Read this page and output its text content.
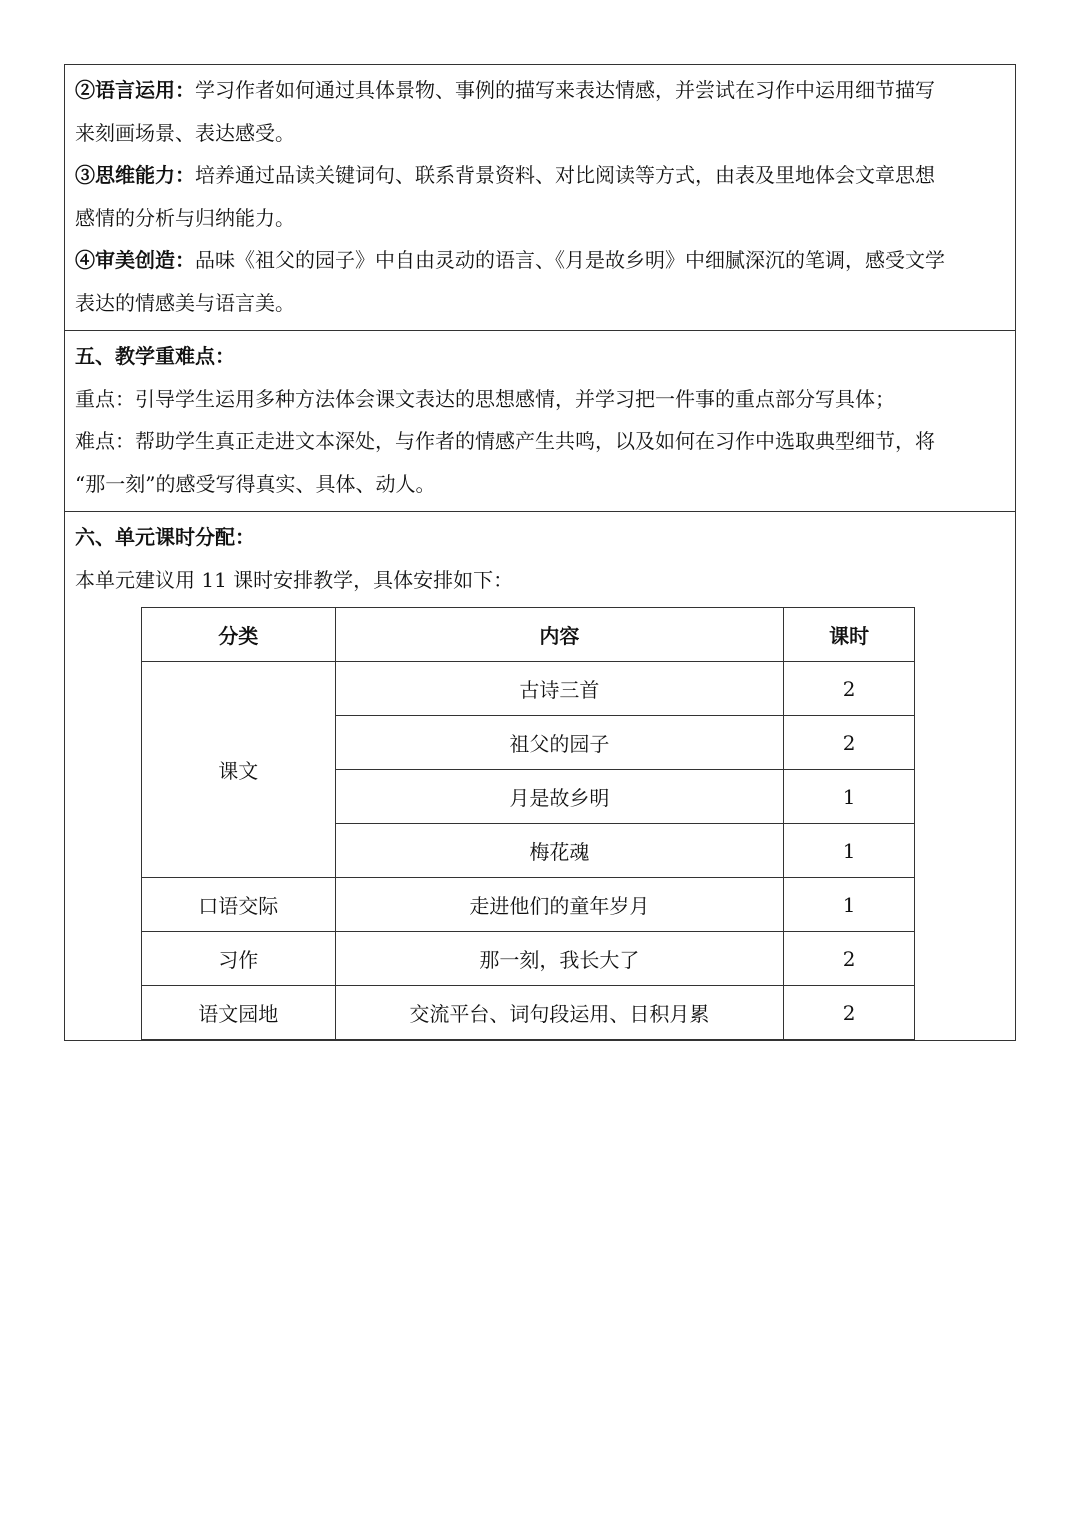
②语言运用：学习作者如何通过具体景物、事例的描写来表达情感，并尝试在习作中运用细节描写
来刻画场景、表达感受。
③思维能力：培养通过品读关键词句、联系背景资料、对比阅读等方式，由表及里地体会文章思想
感情的分析与归纳能力。
④审美创造：品味《祖父的园子》中自由灵动的语言、《月是故乡明》中细腻深沉的笔调，感受文学
表达的情感美与语言美。
五、教学重难点：
重点：引导学生运用多种方法体会课文表达的思想感情，并学习把一件事的重点部分写具体；
难点：帮助学生真正走进文本深处，与作者的情感产生共鸣，以及如何在习作中选取典型细节，将
“那一刻”的感受写得真实、具体、动人。
六、单元课时分配：
本单元建议用 11 课时安排教学，具体安排如下：
分类	内容	课时
课文	古诗三首	2
	祖父的园子	2
	月是故乡明	1
	梅花魂	1
口语交际	走进他们的童年岁月	1
习作	那一刻，我长大了	2
语文园地	交流平台、词句段运用、日积月累	2
